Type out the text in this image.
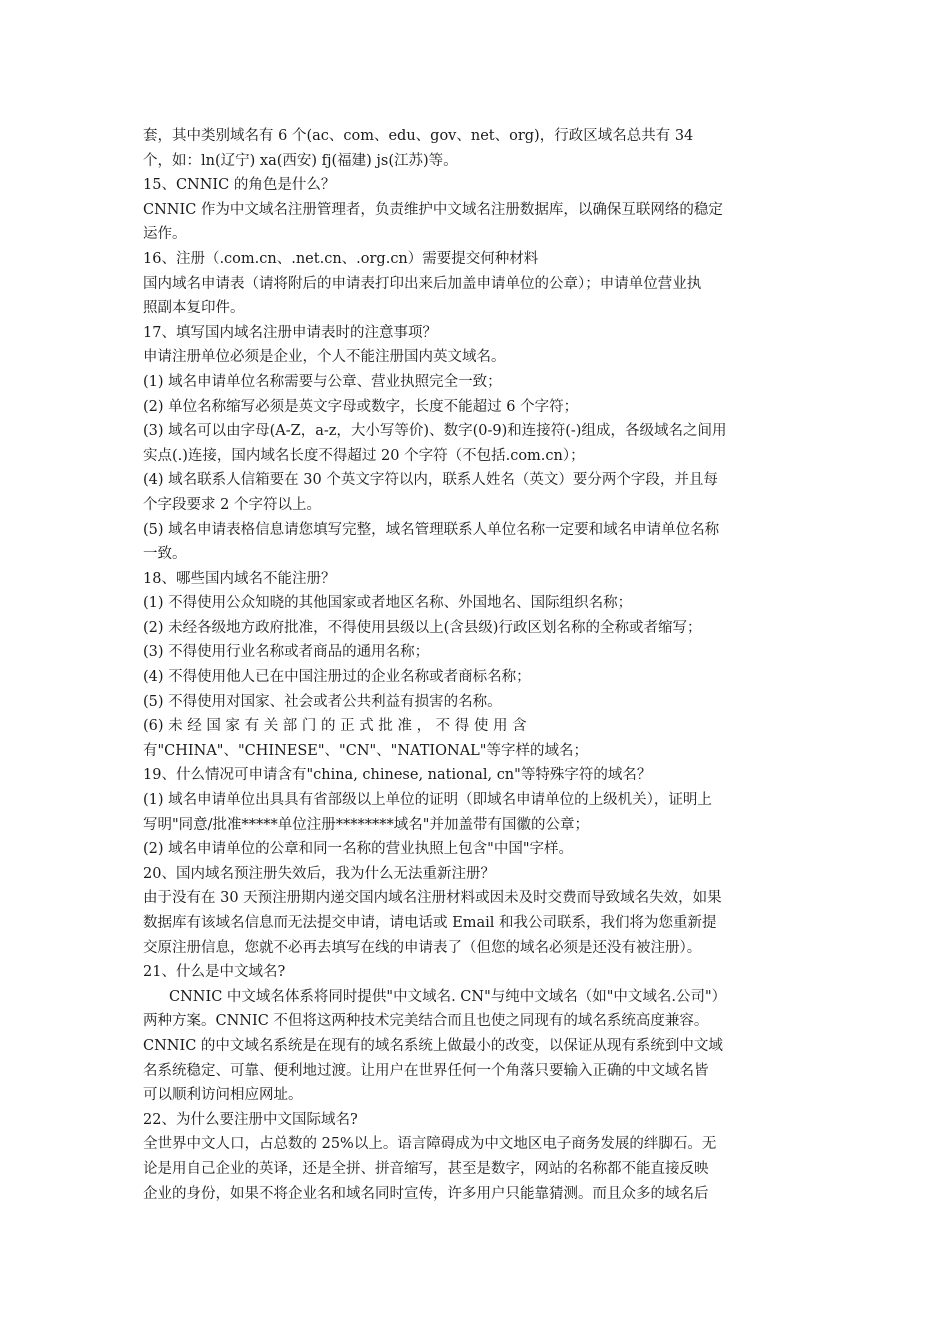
套，其中类别域名有 6 个(ac、com、edu、gov、net、org)，行政区域名总共有 34
个，如：ln(辽宁) xa(西安) fj(福建) js(江苏)等。
15、CNNIC 的角色是什么？
CNNIC 作为中文域名注册管理者，负责维护中文域名注册数据库，以确保互联网络的稳定
运作。
16、注册（.com.cn、.net.cn、.org.cn）需要提交何种材料
国内域名申请表（请将附后的申请表打印出来后加盖申请单位的公章）；申请单位营业执
照副本复印件。
17、填写国内域名注册申请表时的注意事项？
申请注册单位必须是企业，个人不能注册国内英文域名。
(1) 域名申请单位名称需要与公章、营业执照完全一致；
(2) 单位名称缩写必须是英文字母或数字，长度不能超过 6 个字符；
(3) 域名可以由字母(A-Z，a-z，大小写等价)、数字(0-9)和连接符(-)组成，各级域名之间用
实点(.)连接，国内域名长度不得超过 20 个字符（不包括.com.cn）；
(4) 域名联系人信箱要在 30 个英文字符以内，联系人姓名（英文）要分两个字段，并且每
个字段要求 2 个字符以上。
(5) 域名申请表格信息请您填写完整，域名管理联系人单位名称一定要和域名申请单位名称
一致。
18、哪些国内域名不能注册？
(1) 不得使用公众知晓的其他国家或者地区名称、外国地名、国际组织名称；
(2) 未经各级地方政府批准，不得使用县级以上(含县级)行政区划名称的全称或者缩写；
(3) 不得使用行业名称或者商品的通用名称；
(4) 不得使用他人已在中国注册过的企业名称或者商标名称；
(5) 不得使用对国家、社会或者公共利益有损害的名称。
(6) 未 经 国 家 有 关 部 门 的 正 式 批 准 ， 不 得 使 用 含
有"CHINA"、"CHINESE"、"CN"、"NATIONAL"等字样的域名；
19、什么情况可申请含有"china, chinese, national, cn"等特殊字符的域名？
(1) 域名申请单位出具具有省部级以上单位的证明（即域名申请单位的上级机关），证明上
写明"同意/批准*****单位注册********域名"并加盖带有国徽的公章；
(2) 域名申请单位的公章和同一名称的营业执照上包含"中国"字样。
20、国内域名预注册失效后，我为什么无法重新注册？
由于没有在 30 天预注册期内递交国内域名注册材料或因未及时交费而导致域名失效，如果
数据库有该域名信息而无法提交申请，请电话或 Email 和我公司联系，我们将为您重新提
交原注册信息，您就不必再去填写在线的申请表了（但您的域名必须是还没有被注册）。
21、什么是中文域名?
CNNIC 中文域名体系将同时提供"中文域名. CN"与纯中文域名（如"中文域名.公司"）
两种方案。CNNIC 不但将这两种技术完美结合而且也使之同现有的域名系统高度兼容。
CNNIC 的中文域名系统是在现有的域名系统上做最小的改变，以保证从现有系统到中文域
名系统稳定、可靠、便利地过渡。让用户在世界任何一个角落只要输入正确的中文域名皆
可以顺利访问相应网址。
22、为什么要注册中文国际域名?
全世界中文人口，占总数的 25%以上。语言障碍成为中文地区电子商务发展的绊脚石。无
论是用自己企业的英译，还是全拼、拼音缩写，甚至是数字，网站的名称都不能直接反映
企业的身份，如果不将企业名和域名同时宣传，许多用户只能靠猜测。而且众多的域名后
